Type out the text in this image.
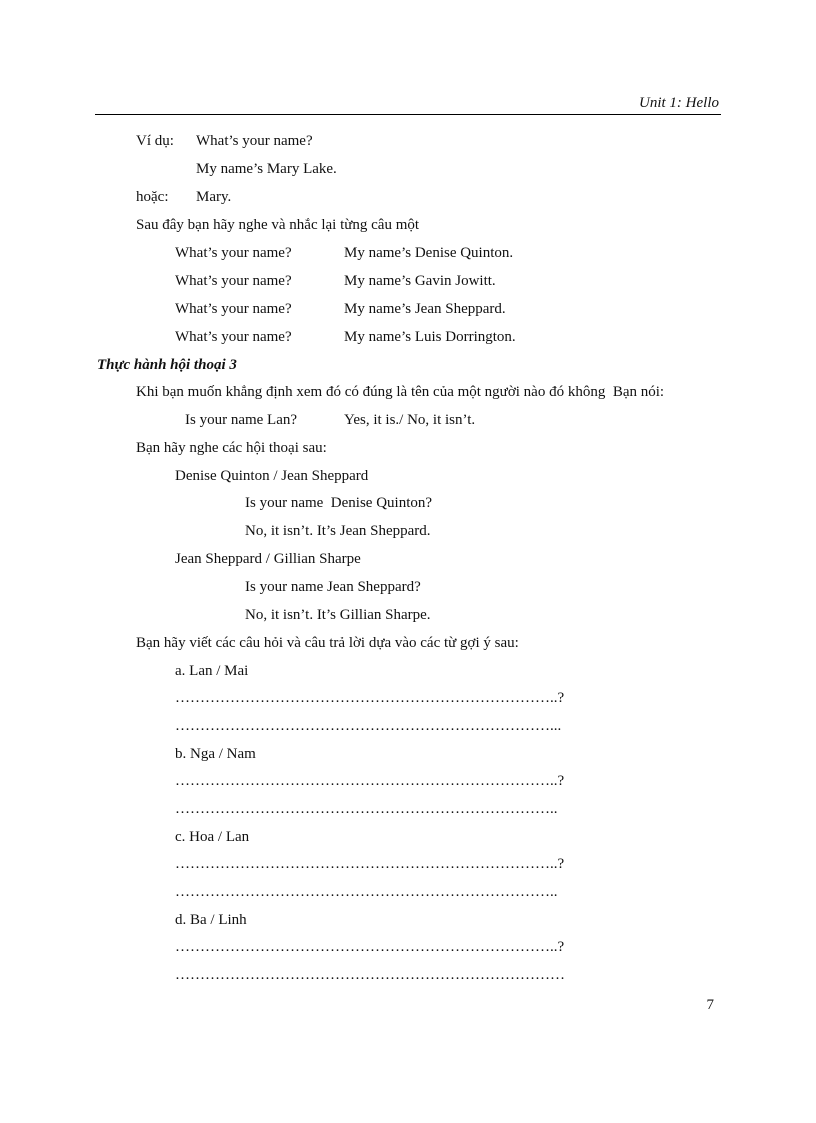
Unit 1: Hello
Ví dụ: What’s your name?
My name’s Mary Lake.
hoặc: Mary.
Sau đây bạn hãy nghe và nhắc lại từng câu một
What’s your name?	My name’s Denise Quinton.
What’s your name?	My name’s Gavin Jowitt.
What’s your name?	My name’s Jean Sheppard.
What’s your name?	My name’s Luis Dorrington.
Thực hành hội thoại 3
Khi bạn muốn khẳng định xem đó có đúng là tên của một người nào đó không  Bạn nói:
Is your name Lan?	Yes, it is./ No, it isn’t.
Bạn hãy nghe các hội thoại sau:
Denise Quinton / Jean Sheppard
Is your name  Denise Quinton?
No, it isn’t. It’s Jean Sheppard.
Jean Sheppard / Gillian Sharpe
Is your name Jean Sheppard?
No, it isn’t. It’s Gillian Sharpe.
Bạn hãy viết các câu hỏi và câu trả lời dựa vào các từ gợi ý sau:
a. Lan / Mai
…………………………………………………………………..?
…………………………………………………………………...
b. Nga / Nam
…………………………………………………………………..?
…………………………………………………………………..
c. Hoa / Lan
…………………………………………………………………..?
…………………………………………………………………..
d. Ba / Linh
…………………………………………………………………..?
……………………………………………………………………
7
